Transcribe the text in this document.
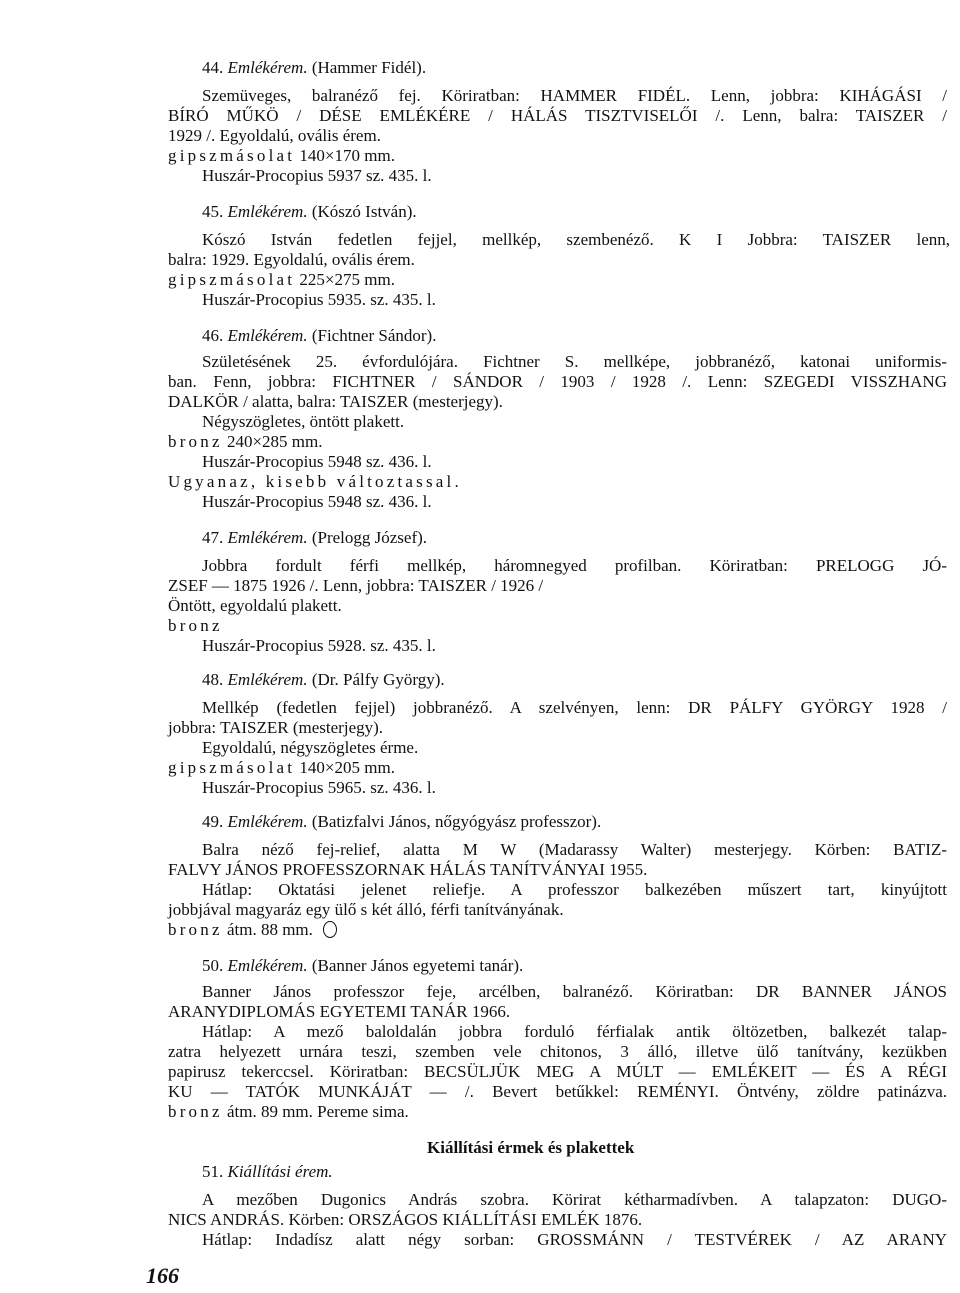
44. Emlékérem. (Hammer Fidél).
Szemüveges, balranéző fej. Köriratban: HAMMER FIDÉL. Lenn, jobbra: KIHÁGÁSI /
BÍRÓ MŰKÖ / DÉSE EMLÉKÉRE / HÁLÁS TISZTVISELŐI /. Lenn, balra: TAISZER /
1929 /. Egyoldalú, ovális érem.
gipszmásolat 140×170 mm.
Huszár-Procopius 5937 sz. 435. l.
45. Emlékérem. (Kószó István).
Kószó István fedetlen fejjel, mellkép, szembenéző. K I Jobbra: TAISZER lenn,
balra: 1929. Egyoldalú, ovális érem.
gipszmásolat 225×275 mm.
Huszár-Procopius 5935. sz. 435. l.
46. Emlékérem. (Fichtner Sándor).
Születésének 25. évfordulójára. Fichtner S. mellképe, jobbranéző, katonai uniformis-
ban. Fenn, jobbra: FICHTNER / SÁNDOR / 1903 / 1928 /. Lenn: SZEGEDI VISSZHANG
DALKÖR / alatta, balra: TAISZER (mesterjegy).
Négyszögletes, öntött plakett.
bronz 240×285 mm.
Huszár-Procopius 5948 sz. 436. l.
Ugyanaz, kisebb változtassal.
Huszár-Procopius 5948 sz. 436. l.
47. Emlékérem. (Prelogg József).
Jobbra fordult férfi mellkép, háromnegyed profilban. Köriratban: PRELOGG JÓ-
ZSEF — 1875 1926 /. Lenn, jobbra: TAISZER / 1926 /
Öntött, egyoldalú plakett.
bronz
Huszár-Procopius 5928. sz. 435. l.
48. Emlékérem. (Dr. Pálfy György).
Mellkép (fedetlen fejjel) jobbranéző. A szelvényen, lenn: DR PÁLFY GYÖRGY 1928 /
jobbra: TAISZER (mesterjegy).
Egyoldalú, négyszögletes érme.
gipszmásolat 140×205 mm.
Huszár-Procopius 5965. sz. 436. l.
49. Emlékérem. (Batizfalvi János, nőgyógyász professzor).
Balra néző fej-relief, alatta M W (Madarassy Walter) mesterjegy. Körben: BATIZ-
FALVY JÁNOS PROFESSZORNAK HÁLÁS TANÍTVÁNYAI 1955.
Hátlap: Oktatási jelenet reliefje. A professzor balkezében műszert tart, kinyújtott
jobbjával magyaráz egy ülő s két álló, férfi tanítványának.
bronz átm. 88 mm.
50. Emlékérem. (Banner János egyetemi tanár).
Banner János professzor feje, arcélben, balranéző. Köriratban: DR BANNER JÁNOS
ARANYDIPLOMÁS EGYETEMI TANÁR 1966.
Hátlap: A mező baloldalán jobbra forduló férfialak antik öltözetben, balkezét talap-
zatra helyezett urnára teszi, szemben vele chitonos, 3 álló, illetve ülő tanítvány, kezükben
papirusz tekerccsel. Köriratban: BECSÜLJÜK MEG A MÚLT — EMLÉKEIT — ÉS A RÉGI
KU — TATÓK MUNKÁJÁT — /. Bevert betűkkel: REMÉNYI. Öntvény, zöldre patinázva.
bronz átm. 89 mm. Pereme sima.
Kiállítási érmek és plakettek
51. Kiállítási érem.
A mezőben Dugonics András szobra. Körirat kétharmadívben. A talapzaton: DUGO-
NICS ANDRÁS. Körben: ORSZÁGOS KIÁLLÍTÁSI EMLÉK 1876.
Hátlap: Indadísz alatt négy sorban: GROSSMÁNN / TESTVÉREK / AZ ARANY
166
